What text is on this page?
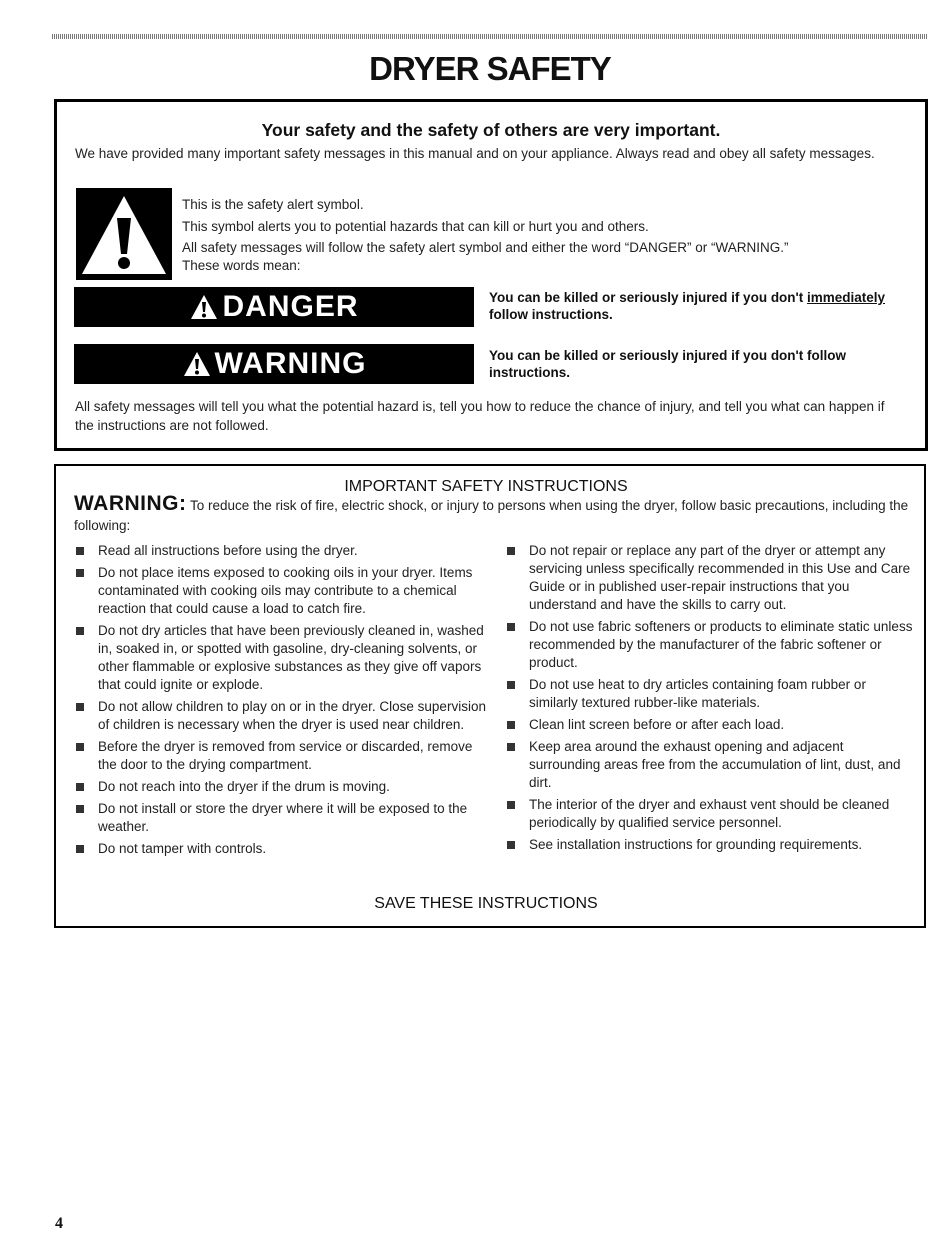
DRYER SAFETY
Your safety and the safety of others are very important.
We have provided many important safety messages in this manual and on your appliance. Always read and obey all safety messages.
This is the safety alert symbol.
This symbol alerts you to potential hazards that can kill or hurt you and others.
All safety messages will follow the safety alert symbol and either the word “DANGER” or “WARNING.”
These words mean:
DANGER	You can be killed or seriously injured if you don't immediately follow instructions.
WARNING	You can be killed or seriously injured if you don't follow instructions.
All safety messages will tell you what the potential hazard is, tell you how to reduce the chance of injury, and tell you what can happen if the instructions are not followed.
IMPORTANT SAFETY INSTRUCTIONS
WARNING: To reduce the risk of fire, electric shock, or injury to persons when using the dryer, follow basic precautions, including the following:
Read all instructions before using the dryer.
Do not place items exposed to cooking oils in your dryer. Items contaminated with cooking oils may contribute to a chemical reaction that could cause a load to catch fire.
Do not dry articles that have been previously cleaned in, washed in, soaked in, or spotted with gasoline, dry-cleaning solvents, or other flammable or explosive substances as they give off vapors that could ignite or explode.
Do not allow children to play on or in the dryer. Close supervision of children is necessary when the dryer is used near children.
Before the dryer is removed from service or discarded, remove the door to the drying compartment.
Do not reach into the dryer if the drum is moving.
Do not install or store the dryer where it will be exposed to the weather.
Do not tamper with controls.
Do not repair or replace any part of the dryer or attempt any servicing unless specifically recommended in this Use and Care Guide or in published user-repair instructions that you understand and have the skills to carry out.
Do not use fabric softeners or products to eliminate static unless recommended by the manufacturer of the fabric softener or product.
Do not use heat to dry articles containing foam rubber or similarly textured rubber-like materials.
Clean lint screen before or after each load.
Keep area around the exhaust opening and adjacent surrounding areas free from the accumulation of lint, dust, and dirt.
The interior of the dryer and exhaust vent should be cleaned periodically by qualified service personnel.
See installation instructions for grounding requirements.
SAVE THESE INSTRUCTIONS
4
